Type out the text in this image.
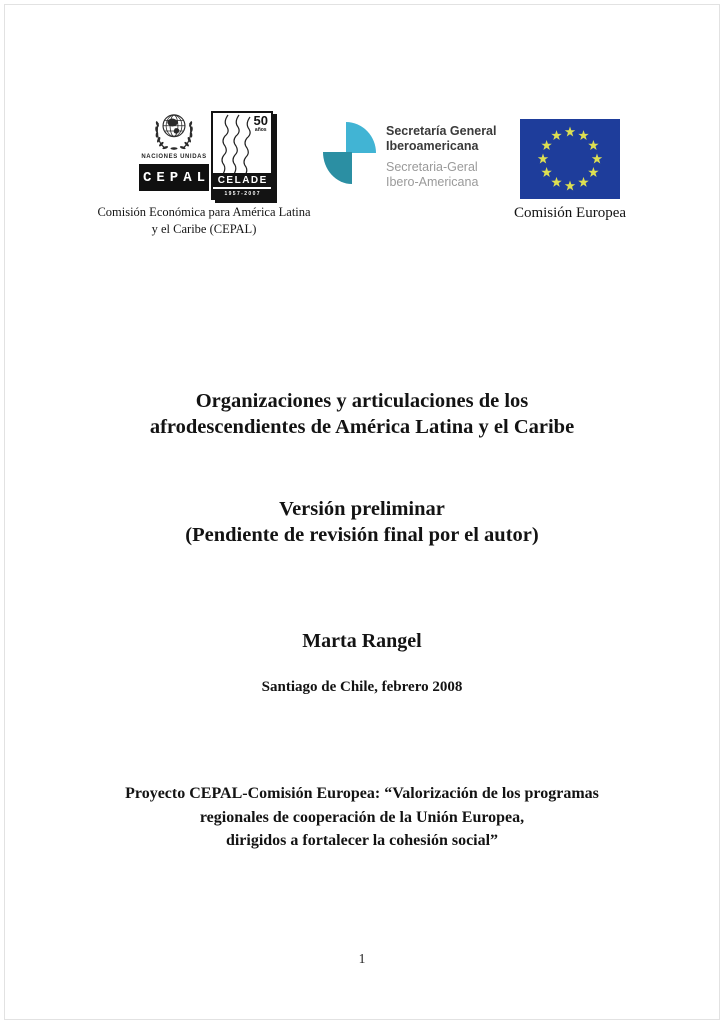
NACIONES UNIDAS
CEPAL
50
años
CELADE
1957-2007
Comisión Económica para América Latina
y el Caribe (CEPAL)
Secretaría General
Iberoamericana
Secretaria-Geral
Ibero-Americana
Comisión Europea
Organizaciones y articulaciones de los
afrodescendientes de América Latina y el Caribe
Versión preliminar
(Pendiente de revisión final por el autor)
Marta Rangel
Santiago de Chile, febrero 2008
Proyecto CEPAL-Comisión Europea: “Valorización de los programas
regionales de cooperación de la Unión Europea,
dirigidos a fortalecer la cohesión social”
1
